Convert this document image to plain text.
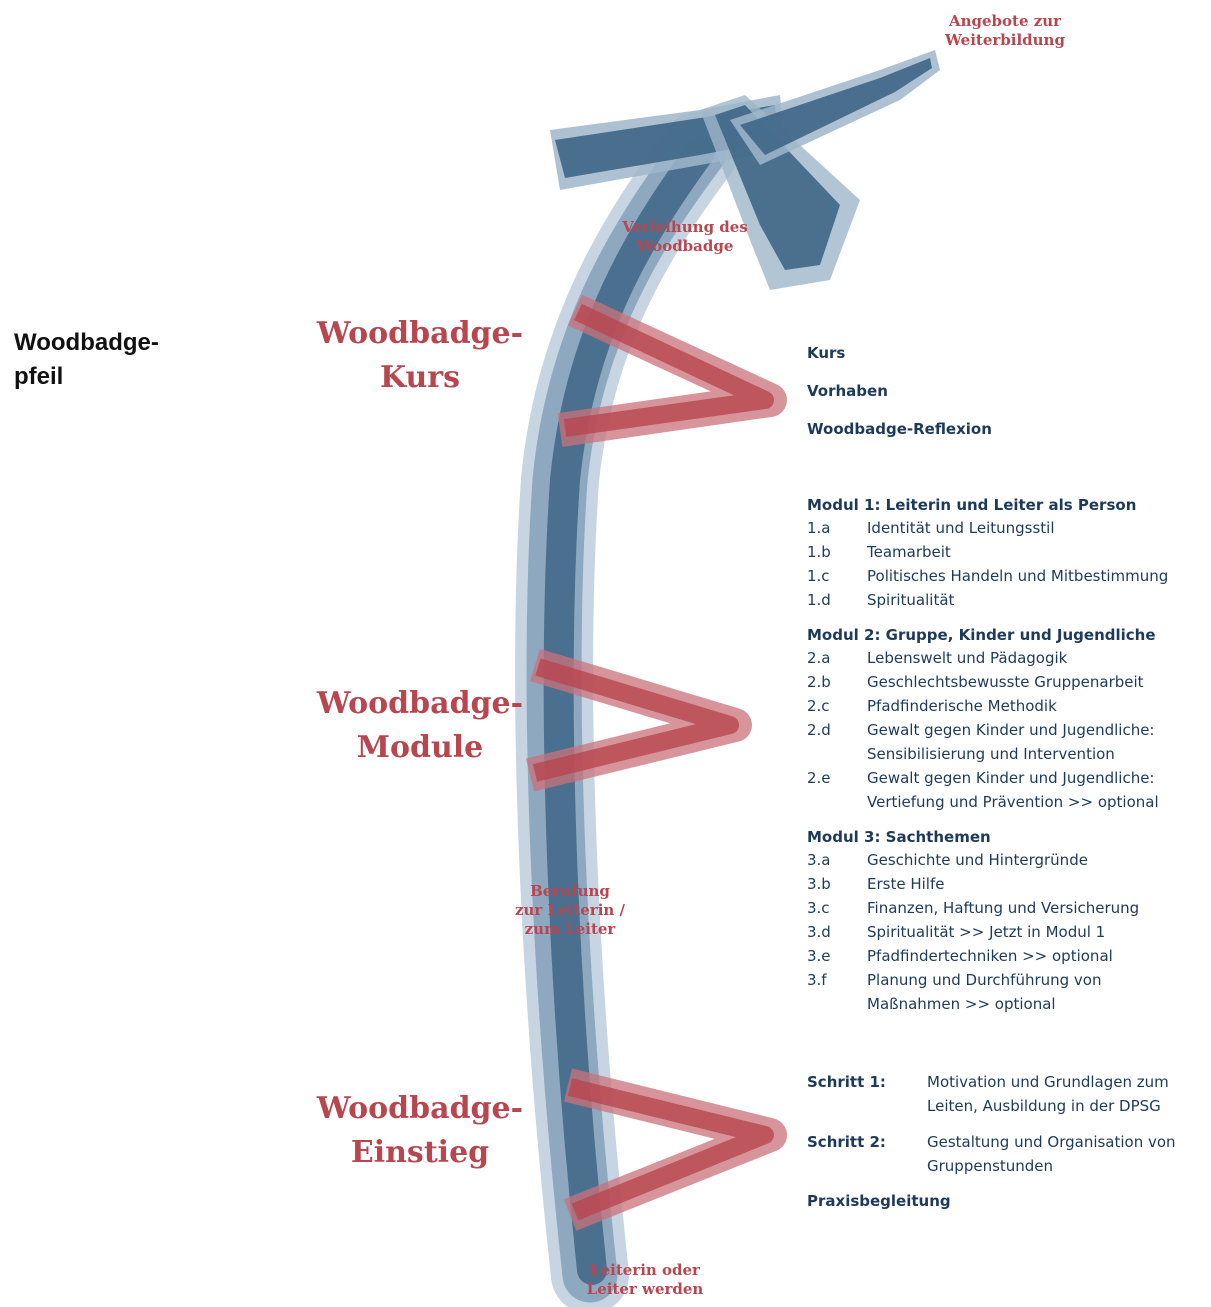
Woodbadge-
pfeil
Angebote zur
Weiterbildung
Verleihung des
Woodbadge
Berufung
zur Leiterin /
zum Leiter
Leiterin oder
Leiter werden
Woodbadge-
Kurs
Woodbadge-
Module
Woodbadge-
Einstieg
Kurs
Vorhaben
Woodbadge-Reflexion
Modul 1: Leiterin und Leiter als Person
1.a Identität und Leitungsstil
1.b Teamarbeit
1.c Politisches Handeln und Mitbestimmung
1.d Spiritualität
Modul 2: Gruppe, Kinder und Jugendliche
2.a Lebenswelt und Pädagogik
2.b Geschlechtsbewusste Gruppenarbeit
2.c Pfadfinderische Methodik
2.d Gewalt gegen Kinder und Jugendliche:
Sensibilisierung und Intervention
2.e Gewalt gegen Kinder und Jugendliche:
Vertiefung und Prävention >> optional
Modul 3: Sachthemen
3.a Geschichte und Hintergründe
3.b Erste Hilfe
3.c Finanzen, Haftung und Versicherung
3.d Spiritualität >> Jetzt in Modul 1
3.e Pfadfindertechniken >> optional
3.f	Planung und Durchführung von
Maßnahmen >> optional
Schritt 1:	Motivation und Grundlagen zum
Leiten, Ausbildung in der DPSG
Schritt 2:	Gestaltung und Organisation von
Gruppenstunden
Praxisbegleitung
